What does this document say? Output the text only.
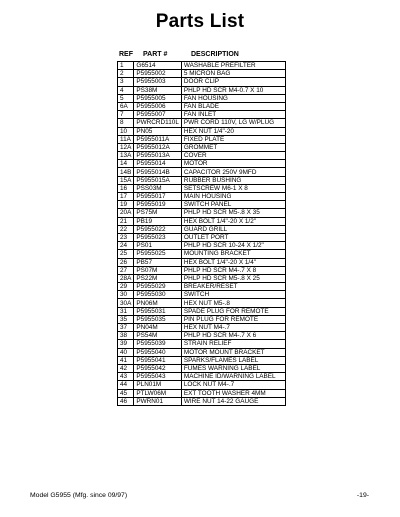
Parts List
REF PART #	DESCRIPTION
1	G6514	WASHABLE PREFILTER
2	P5955002	5 MICRON BAG
3	P5955003	DOOR CLIP
4	PS38M	PHLP HD SCR M4-0.7 X 10
5	P5955005	FAN HOUSING
6A	P5955006	FAN BLADE
7	P5955007	FAN INLET
8	PWRCRD110L	PWR CORD 110V, LG W/PLUG
10	PN05	HEX NUT 1/4"-20
11A	P5955011A	FIXED PLATE
12A	P5955012A	GROMMET
13A	P5955013A	COVER
14	P5955014	MOTOR
14B	P5955014B	CAPACITOR 250V 9MFD
15A	P5955015A	RUBBER BUSHING
16	PSS03M	SETSCREW M6-1 X 8
17	P5955017	MAIN HOUSING
19	P5955019	SWITCH PANEL
20A	PS75M	PHLP HD SCR M5-.8 X 35
21	PB19	HEX BOLT 1/4"-20 X 1/2"
22	P5955022	GUARD GRILL
23	P5955023	OUTLET PORT
24	PS01	PHLP HD SCR 10-24 X 1/2"
25	P5955025	MOUNTING BRACKET
26	PB57	HEX BOLT 1/4"-20 X 1/4"
27	PS07M	PHLP HD SCR M4-.7 X 8
28A	PS22M	PHLP HD SCR M5-.8 X 25
29	P5955029	BREAKER/RESET
30	P5955030	SWITCH
30A	PN06M	HEX NUT M5-.8
31	P5955031	SPADE PLUG FOR REMOTE
35	P5955035	PIN PLUG FOR REMOTE
37	PN04M	HEX NUT M4-.7
38	PS54M	PHLP HD SCR M4-.7 X 6
39	P5955039	STRAIN RELIEF
40	P5955040	MOTOR MOUNT BRACKET
41	P5955041	SPARKS/FLAMES LABEL
42	P5955042	FUMES WARNING LABEL
43	P5955043	MACHINE ID/WARNING LABEL
44	PLN01M	LOCK NUT M4-.7
45	PTLW06M	EXT TOOTH WASHER 4MM
46	PWRN01	WIRE NUT 14-22 GAUGE
Model G5955 (Mfg. since 09/97)	-19-
